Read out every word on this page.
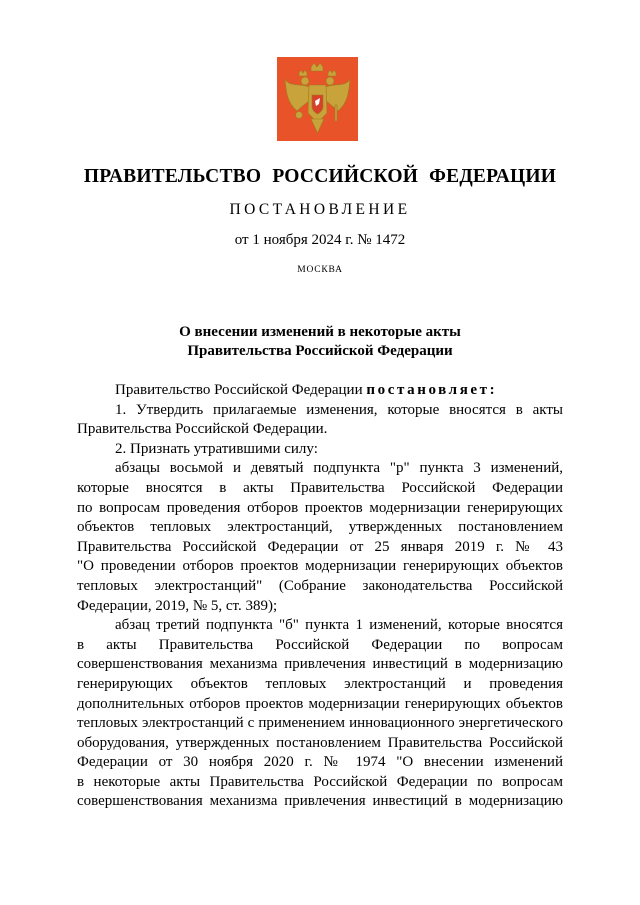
ПРАВИТЕЛЬСТВО РОССИЙСКОЙ ФЕДЕРАЦИИ
ПОСТАНОВЛЕНИЕ
от 1 ноября 2024 г. № 1472
МОСКВА
О внесении изменений в некоторые акты
Правительства Российской Федерации
Правительство Российской Федерации постановляет:
1. Утвердить прилагаемые изменения, которые вносятся в акты
Правительства Российской Федерации.
2. Признать утратившими силу:
абзацы восьмой и девятый подпункта "р" пункта 3 изменений,
которые вносятся в акты Правительства Российской Федерации
по вопросам проведения отборов проектов модернизации генерирующих
объектов тепловых электростанций, утвержденных постановлением
Правительства Российской Федерации от 25 января 2019 г. № 43
"О проведении отборов проектов модернизации генерирующих объектов
тепловых электростанций" (Собрание законодательства Российской
Федерации, 2019, № 5, ст. 389);
абзац третий подпункта "б" пункта 1 изменений, которые вносятся
в акты Правительства Российской Федерации по вопросам
совершенствования механизма привлечения инвестиций в модернизацию
генерирующих объектов тепловых электростанций и проведения
дополнительных отборов проектов модернизации генерирующих объектов
тепловых электростанций с применением инновационного энергетического
оборудования, утвержденных постановлением Правительства Российской
Федерации от 30 ноября 2020 г. № 1974 "О внесении изменений
в некоторые акты Правительства Российской Федерации по вопросам
совершенствования механизма привлечения инвестиций в модернизацию
